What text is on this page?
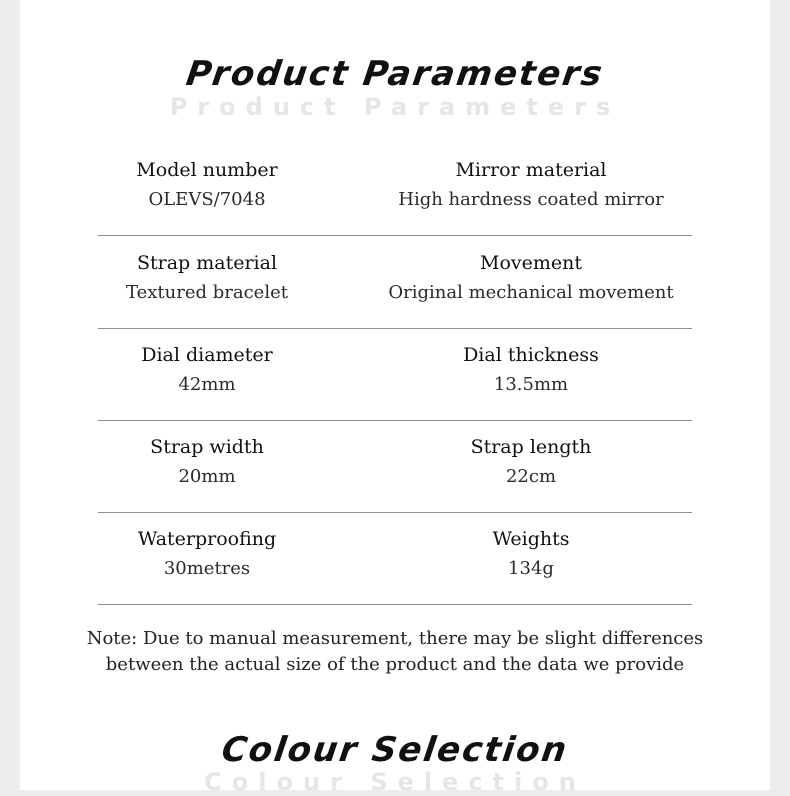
Product Parameters
Product Parameters
Model number
OLEVS/7048
Mirror material
High hardness coated mirror
Strap material
Textured bracelet
Movement
Original mechanical movement
Dial diameter
42mm
Dial thickness
13.5mm
Strap width
20mm
Strap length
22cm
Waterproofing
30metres
Weights
134g
Note: Due to manual measurement, there may be slight differences
between the actual size of the product and the data we provide
Colour Selection
Colour Selection
